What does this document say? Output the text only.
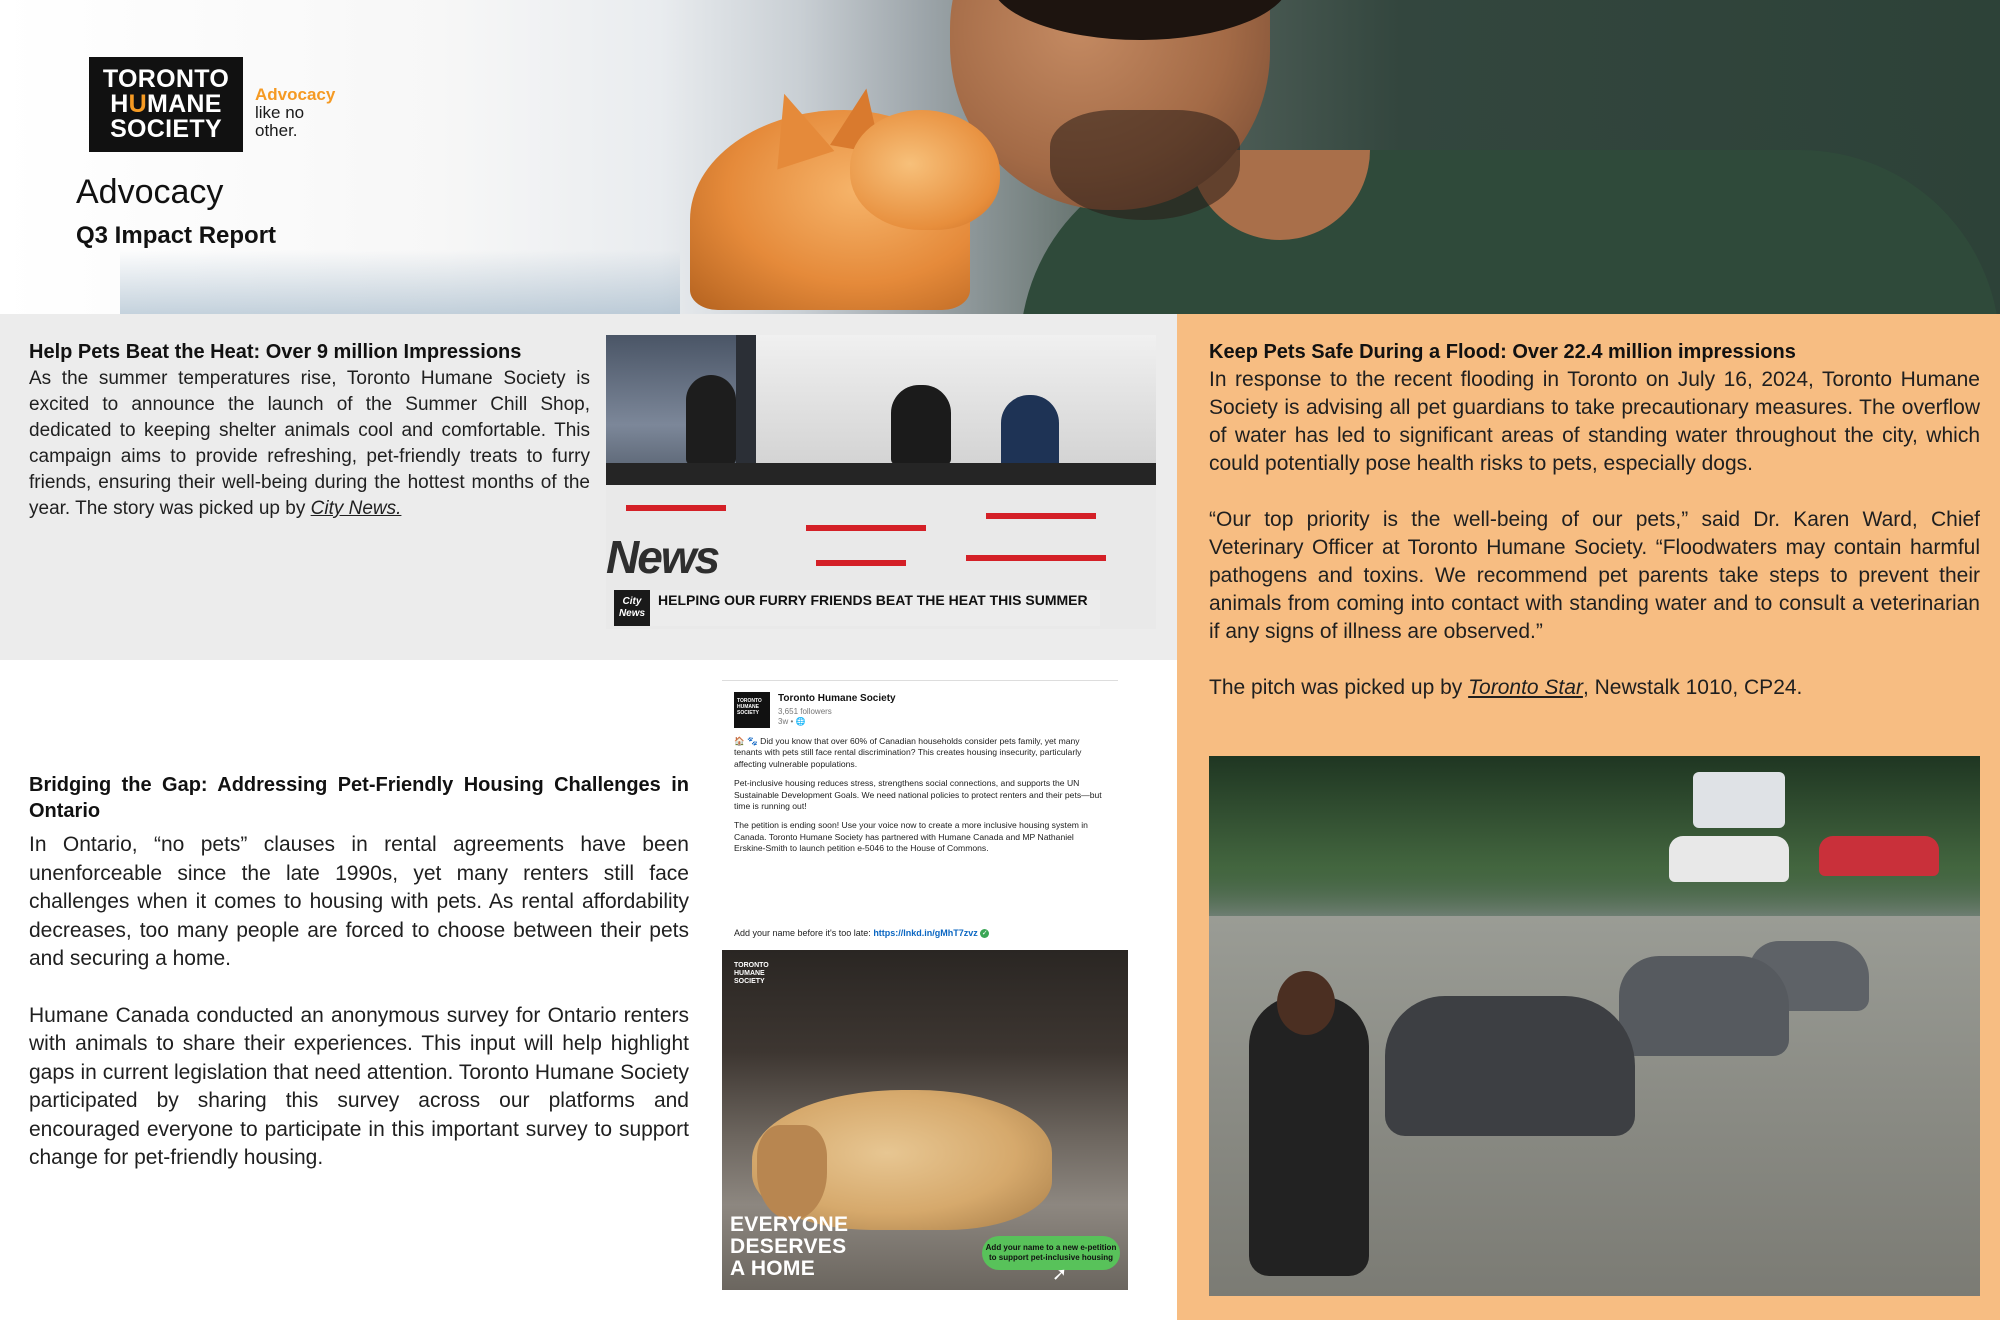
TORONTO
HUMANE
SOCIETY
Advocacy
like no
other.
Advocacy
Q3 Impact Report
Help Pets Beat the Heat: Over 9 million Impressions

As the summer temperatures rise, Toronto Humane Society is excited to announce the launch of the Summer Chill Shop, dedicated to keeping shelter animals cool and comfortable. This campaign aims to provide refreshing, pet-friendly treats to furry friends, ensuring their well-being during the hottest months of the year. The story was picked up by City News.

News
City News
HELPING OUR FURRY FRIENDS BEAT THE HEAT THIS SUMMER
Bridging the Gap: Addressing Pet-Friendly Housing Challenges in Ontario

In Ontario, “no pets” clauses in rental agreements have been unenforceable since the late 1990s, yet many renters still face challenges when it comes to housing with pets. As rental affordability decreases, too many people are forced to choose between their pets and securing a home.

Humane Canada conducted an anonymous survey for Ontario renters with animals to share their experiences. This input will help highlight gaps in current legislation that need attention. Toronto Humane Society participated by sharing this survey across our platforms and encouraged everyone to participate in this important survey to support change for pet-friendly housing.

TORONTO HUMANE SOCIETY
Toronto Humane Society
3,651 followers
3w • 🌐

🏠 🐾 Did you know that over 60% of Canadian households consider pets family, yet many tenants with pets still face rental discrimination? This creates housing insecurity, particularly affecting vulnerable populations.

Pet-inclusive housing reduces stress, strengthens social connections, and supports the UN Sustainable Development Goals. We need national policies to protect renters and their pets—but time is running out!

The petition is ending soon! Use your voice now to create a more inclusive housing system in Canada. Toronto Humane Society has partnered with Humane Canada and MP Nathaniel Erskine-Smith to launch petition e-5046 to the House of Commons.

Add your name before it's too late: https://lnkd.in/gMhT7zvz ✓
TORONTO
HUMANE
SOCIETY
EVERYONE
DESERVES
A HOME
Add your name to a new e-petition to support pet-inclusive housing
➚
Keep Pets Safe During a Flood: Over 22.4 million impressions

In response to the recent flooding in Toronto on July 16, 2024, Toronto Humane Society is advising all pet guardians to take precautionary measures. The overflow of water has led to significant areas of standing water throughout the city, which could potentially pose health risks to pets, especially dogs.

“Our top priority is the well-being of our pets,” said Dr. Karen Ward, Chief Veterinary Officer at Toronto Humane Society. “Floodwaters may contain harmful pathogens and toxins. We recommend pet parents take steps to prevent their animals from coming into contact with standing water and to consult a veterinarian if any signs of illness are observed.”

The pitch was picked up by Toronto Star, Newstalk 1010, CP24.
